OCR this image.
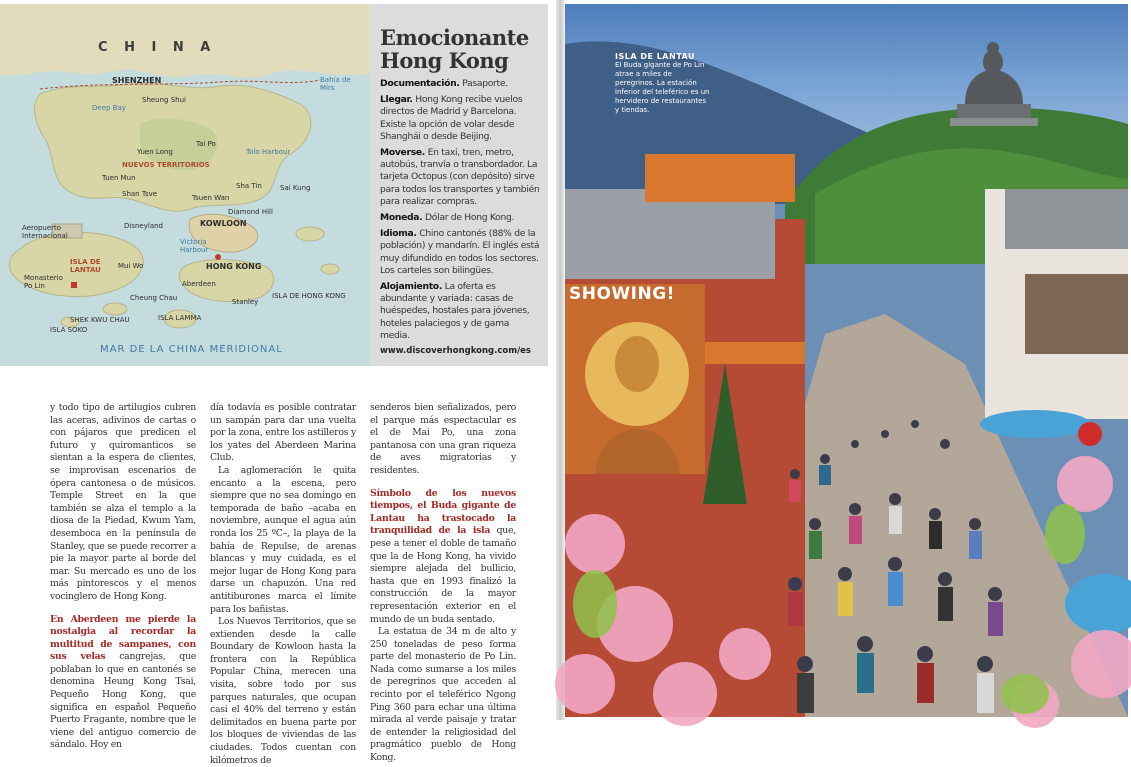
C H I N A
SHENZHEN	Bahía de Mirs
Deep Bay
Sheung Shui
Yuen Long
Tai Po
Tolo Harbour
NUEVOS TERRITORIOS
Tuen Mun
Sha Tin
Shan Tsve	Tsuen Wan
Sai Kung
Disneyland
Diamond Hill
KOWLOON
Aeropuerto Internacional
ISLA DE LANTAU
Victoria Harbour
Mui Wo	HONG KONG
Monasterio Po Lin	Aberdeen
Cheung Chau	Stanley
ISLA DE HONG KONG
ISLA LAMMA
SHEK KWU CHAU
ISLA SOKO
MAR DE LA CHINA MERIDIONAL
Emocionante Hong Kong

Documentación. Pasaporte.

Llegar. Hong Kong recibe vuelos directos de Madrid y Barcelona. Existe la opción de volar desde Shanghái o desde Beijing.

Moverse. En taxi, tren, metro, autobús, tranvía o transbordador. La tarjeta Octopus (con depósito) sirve para todos los transportes y también para realizar compras.

Moneda. Dólar de Hong Kong.

Idioma. Chino cantonés (88% de la población) y mandarín. El inglés está muy difundido en todos los sectores. Los carteles son bilingües.

Alojamiento. La oferta es abundante y variada: casas de huéspedes, hostales para jóvenes, hoteles palaciegos y de gama media.

www.discoverhongkong.com/es

y todo tipo de artilugios cubren las aceras, adivinos de cartas o con pájaros que predicen el futuro y quiromanticos se sientan a la espera de clientes, se improvisan escenarios de ópera cantonesa o de músicos. Temple Street en la que también se alza el templo a la diosa de la Piedad, Kwum Yam, desemboca en la península de Stanley, que se puede recorrer a pie la mayor parte al borde del mar. Su mercado es uno de los más pintorescos y el menos vocinglero de Hong Kong.

En Aberdeen me pierde la nostalgia al recordar la multitud de sampanes, con sus velas cangrejas, que poblaban lo que en cantonés se denomina Heung Kong Tsai, Pequeño Hong Kong, que significa en español Pequeño Puerto Fragante, nombre que le viene del antiguo comercio de sándalo. Hoy en

día todavía es posible contratar un sampán para dar una vuelta por la zona, entre los astilleros y los yates del Aberdeen Marina Club.

La aglomeración le quita encanto a la escena, pero siempre que no sea domingo en temporada de baño –acaba en noviembre, aunque el agua aún ronda los 25 ºC–, la playa de la bahía de Repulse, de arenas blancas y muy cuidada, es el mejor lugar de Hong Kong para darse un chapuzón. Una red antitiburones marca el límite para los bañistas.

Los Nuevos Territorios, que se extienden desde la calle Boundary de Kowloon hasta la frontera con la República Popular China, merecen una visita, sobre todo por sus parques naturales, que ocupan casi el 40% del terreno y están delimitados en buena parte por los bloques de viviendas de las ciudades. Todos cuentan con kilómetros de

senderos bien señalizados, pero el parque más espectacular es el de Mai Po, una zona pantanosa con una gran riqueza de aves migratorias y residentes.

Símbolo de los nuevos tiempos, el Buda gigante de Lantau ha trastocado la tranquilidad de la isla que, pese a tener el doble de tamaño que la de Hong Kong, ha vivido siempre alejada del bullicio, hasta que en 1993 finalizó la construcción de la mayor representación exterior en el mundo de un buda sentado.

La estatua de 34 m de alto y 250 toneladas de peso forma parte del monasterio de Po Lin. Nada como sumarse a los miles de peregrinos que acceden al recinto por el teleférico Ngong Ping 360 para echar una última mirada al verde paisaje y tratar de entender la religiosidad del pragmático pueblo de Hong Kong.

SHOWING!
ISLA DE LANTAU
El Buda gigante de Po Lin atrae a miles de peregrinos. La estación inferior del teleférico es un hervidero de restaurantes y tiendas.
